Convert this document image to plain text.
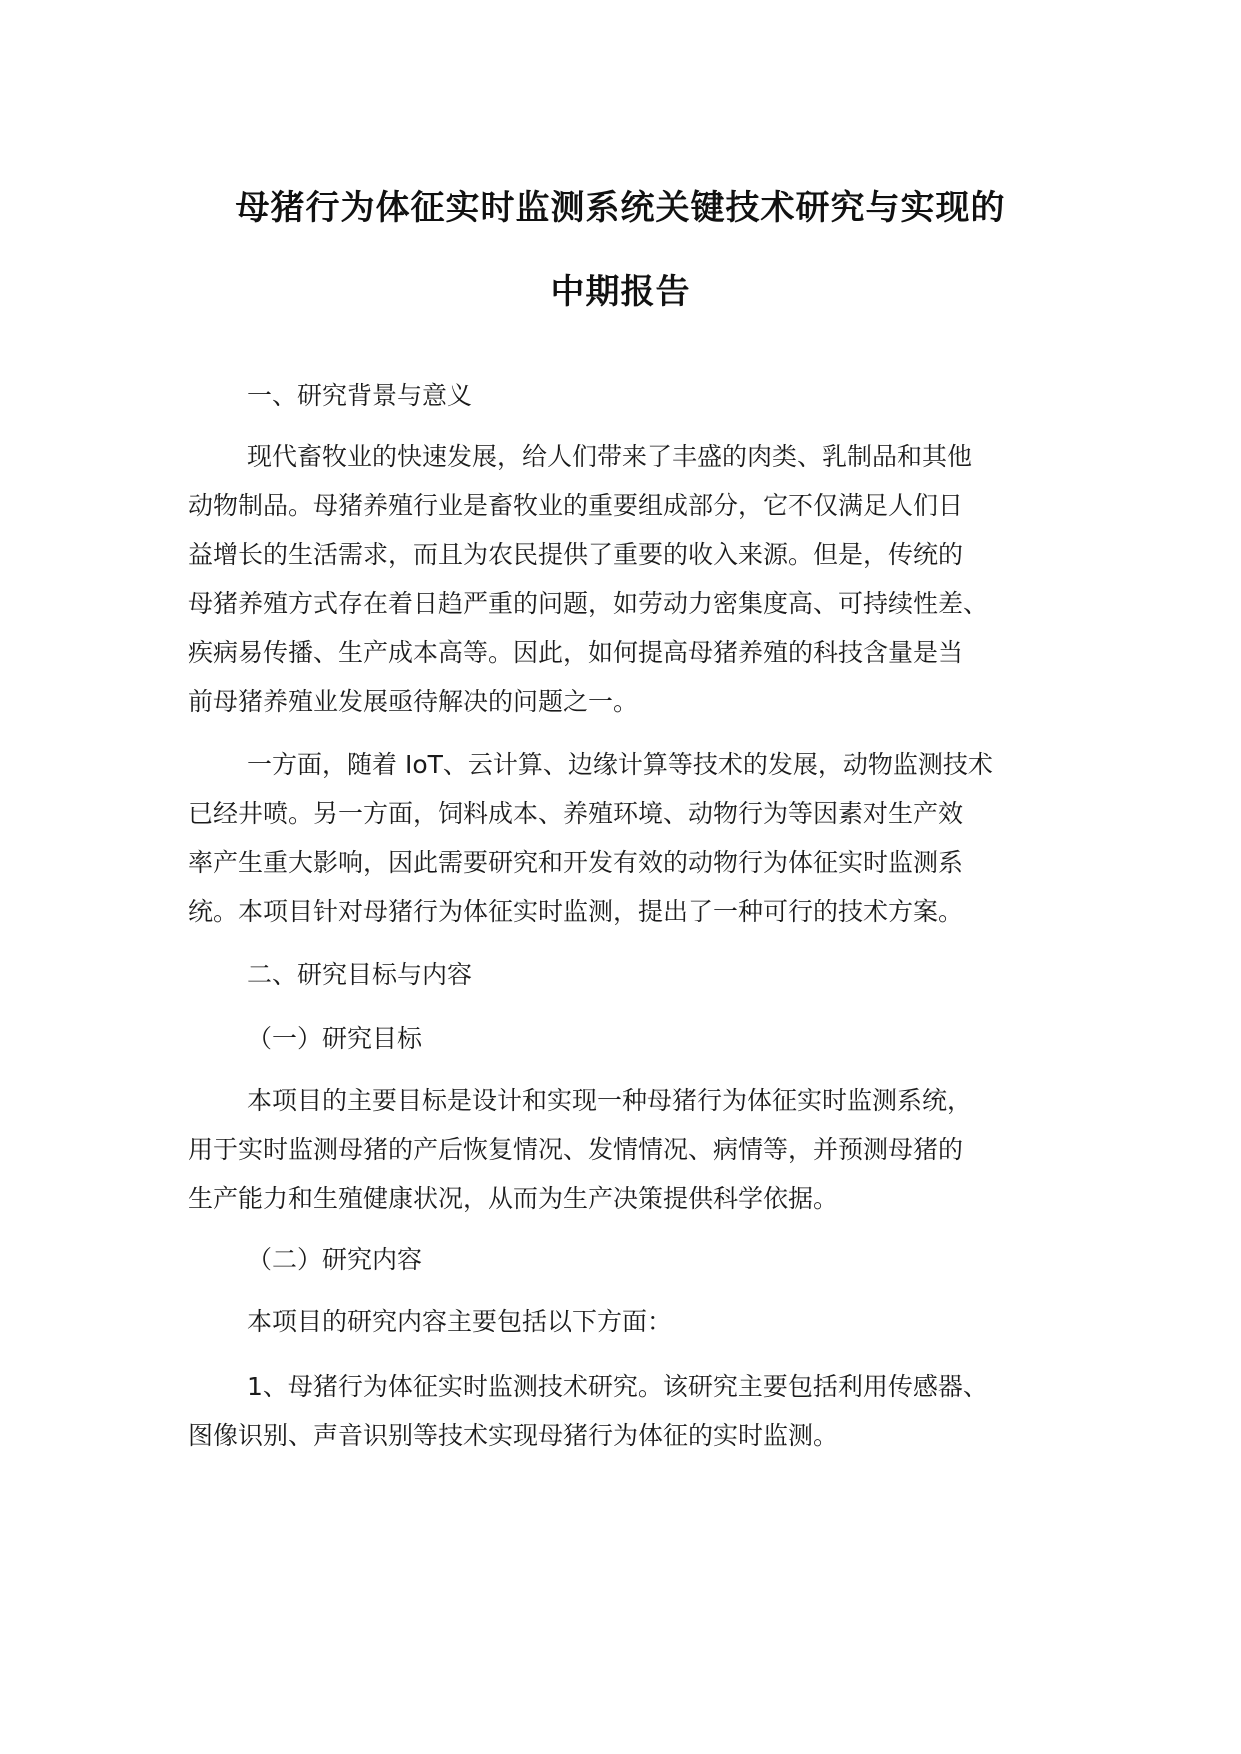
母猪行为体征实时监测系统关键技术研究与实现的
中期报告
一、研究背景与意义
现代畜牧业的快速发展，给人们带来了丰盛的肉类、乳制品和其他
动物制品。母猪养殖行业是畜牧业的重要组成部分，它不仅满足人们日
益增长的生活需求，而且为农民提供了重要的收入来源。但是，传统的
母猪养殖方式存在着日趋严重的问题，如劳动力密集度高、可持续性差、
疾病易传播、生产成本高等。因此，如何提高母猪养殖的科技含量是当
前母猪养殖业发展亟待解决的问题之一。
一方面，随着 IoT、云计算、边缘计算等技术的发展，动物监测技术
已经井喷。另一方面，饲料成本、养殖环境、动物行为等因素对生产效
率产生重大影响，因此需要研究和开发有效的动物行为体征实时监测系
统。本项目针对母猪行为体征实时监测，提出了一种可行的技术方案。
二、研究目标与内容
（一）研究目标
本项目的主要目标是设计和实现一种母猪行为体征实时监测系统，
用于实时监测母猪的产后恢复情况、发情情况、病情等，并预测母猪的
生产能力和生殖健康状况，从而为生产决策提供科学依据。
（二）研究内容
本项目的研究内容主要包括以下方面：
1、母猪行为体征实时监测技术研究。该研究主要包括利用传感器、
图像识别、声音识别等技术实现母猪行为体征的实时监测。
